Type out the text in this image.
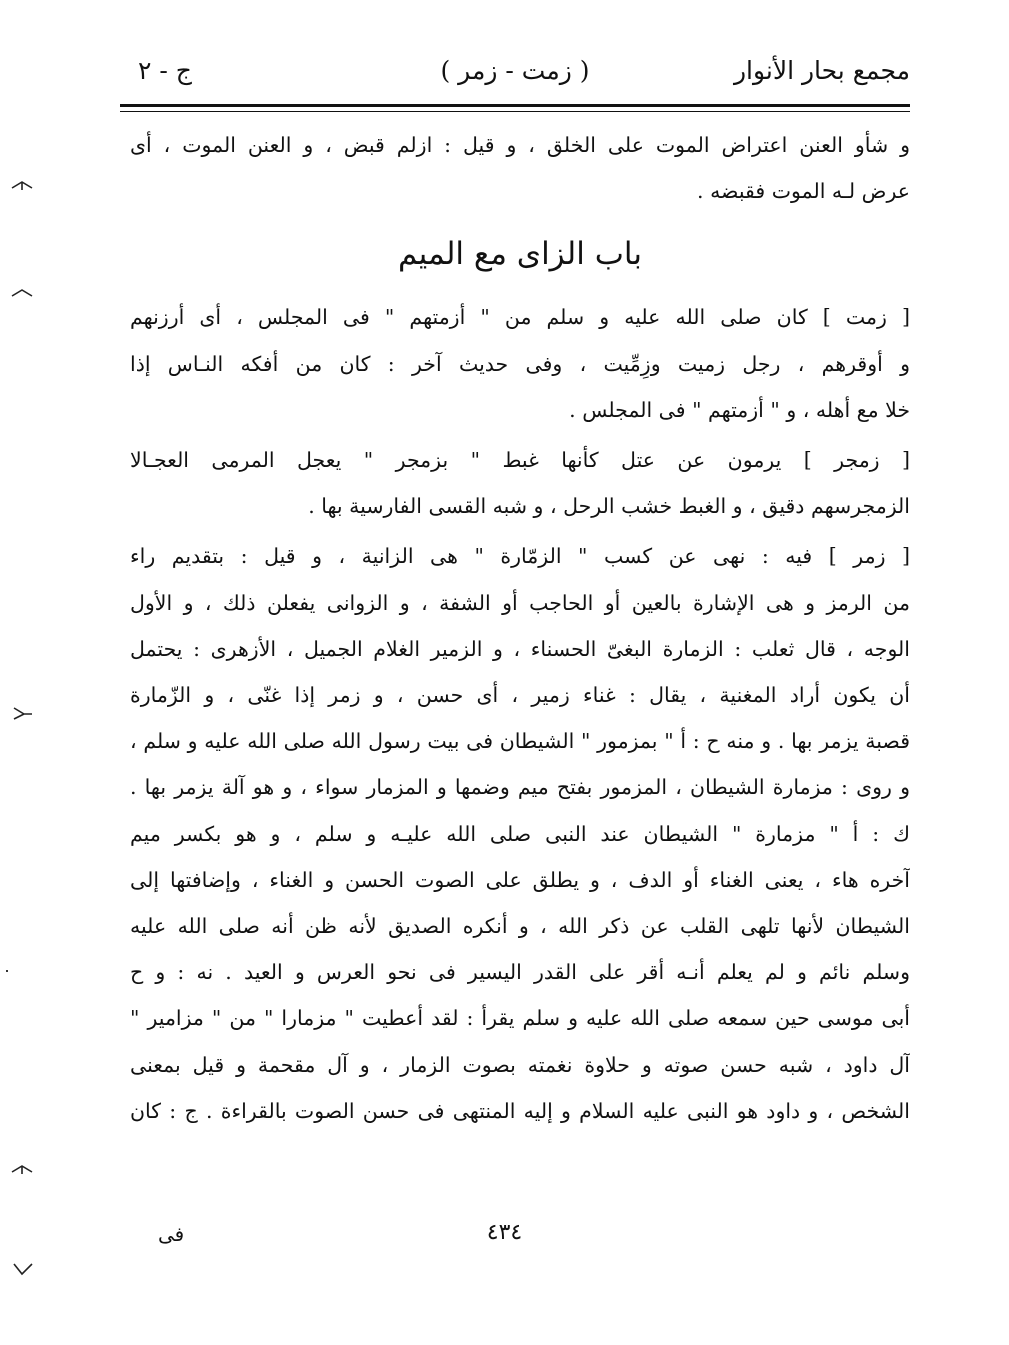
مجمع بحار الأنوار
( زمت - زمر )
ج - ٢
و شأو العنن اعتراض الموت على الخلق ، و قيل : ازلم قبض ، و العنن الموت ، أى
عرض لـه الموت فقبضه .
باب الزاى مع الميم
[ زمت ] كان صلى الله عليه و سلم من " أزمتهم " فى المجلس ، أى أرزنهم
و أوقرهم ، رجل زميت وزِمِّيت ، وفى حديث آخر : كان من أفكه النـاس إذا
خلا مع أهله ، و " أزمتهم " فى المجلس .
[ زمجر ] يرمون عن عتل كأنها غبط " بزمجر " يعجل المرمى العجـالا
الزمجرسهم دقيق ، و الغبط خشب الرحل ، و شبه القسى الفارسية بها .
[ زمر ] فيه : نهى عن كسب " الزمّارة " هى الزانية ، و قيل : بتقديم راء
من الرمز و هى الإشارة بالعين أو الحاجب أو الشفة ، و الزوانى يفعلن ذلك ، و الأول
الوجه ، قال ثعلب : الزمارة البغىّ الحسناء ، و الزمير الغلام الجميل ، الأزهرى : يحتمل
أن يكون أراد المغنية ، يقال : غناء زمير ، أى حسن ، و زمر إذا غنّى ، و الزّمارة
قصبة يزمر بها . و منه ح : أ " بمزمور " الشيطان فى بيت رسول الله صلى الله عليه و سلم ،
و روى : مزمارة الشيطان ، المزمور بفتح ميم وضمها و المزمار سواء ، و هو آلة يزمر بها .
ك : أ " مزمارة " الشيطان عند النبى صلى الله عليـه و سلم ، و هو بكسر ميم
آخره هاء ، يعنى الغناء أو الدف ، و يطلق على الصوت الحسن و الغناء ، وإضافتها إلى
الشيطان لأنها تلهى القلب عن ذكر الله ، و أنكره الصديق لأنه ظن أنه صلى الله عليه
وسلم نائم و لم يعلم أنـه أقر على القدر اليسير فى نحو العرس و العيد . نه : و ح
أبى موسى حين سمعه صلى الله عليه و سلم يقرأ : لقد أعطيت " مزمارا " من " مزامير "
آل داود ، شبه حسن صوته و حلاوة نغمته بصوت الزمار ، و آل مقحمة و قيل بمعنى
الشخص ، و داود هو النبى عليه السلام و إليه المنتهى فى حسن الصوت بالقراءة . ج : كان
فى	٤٣٤
